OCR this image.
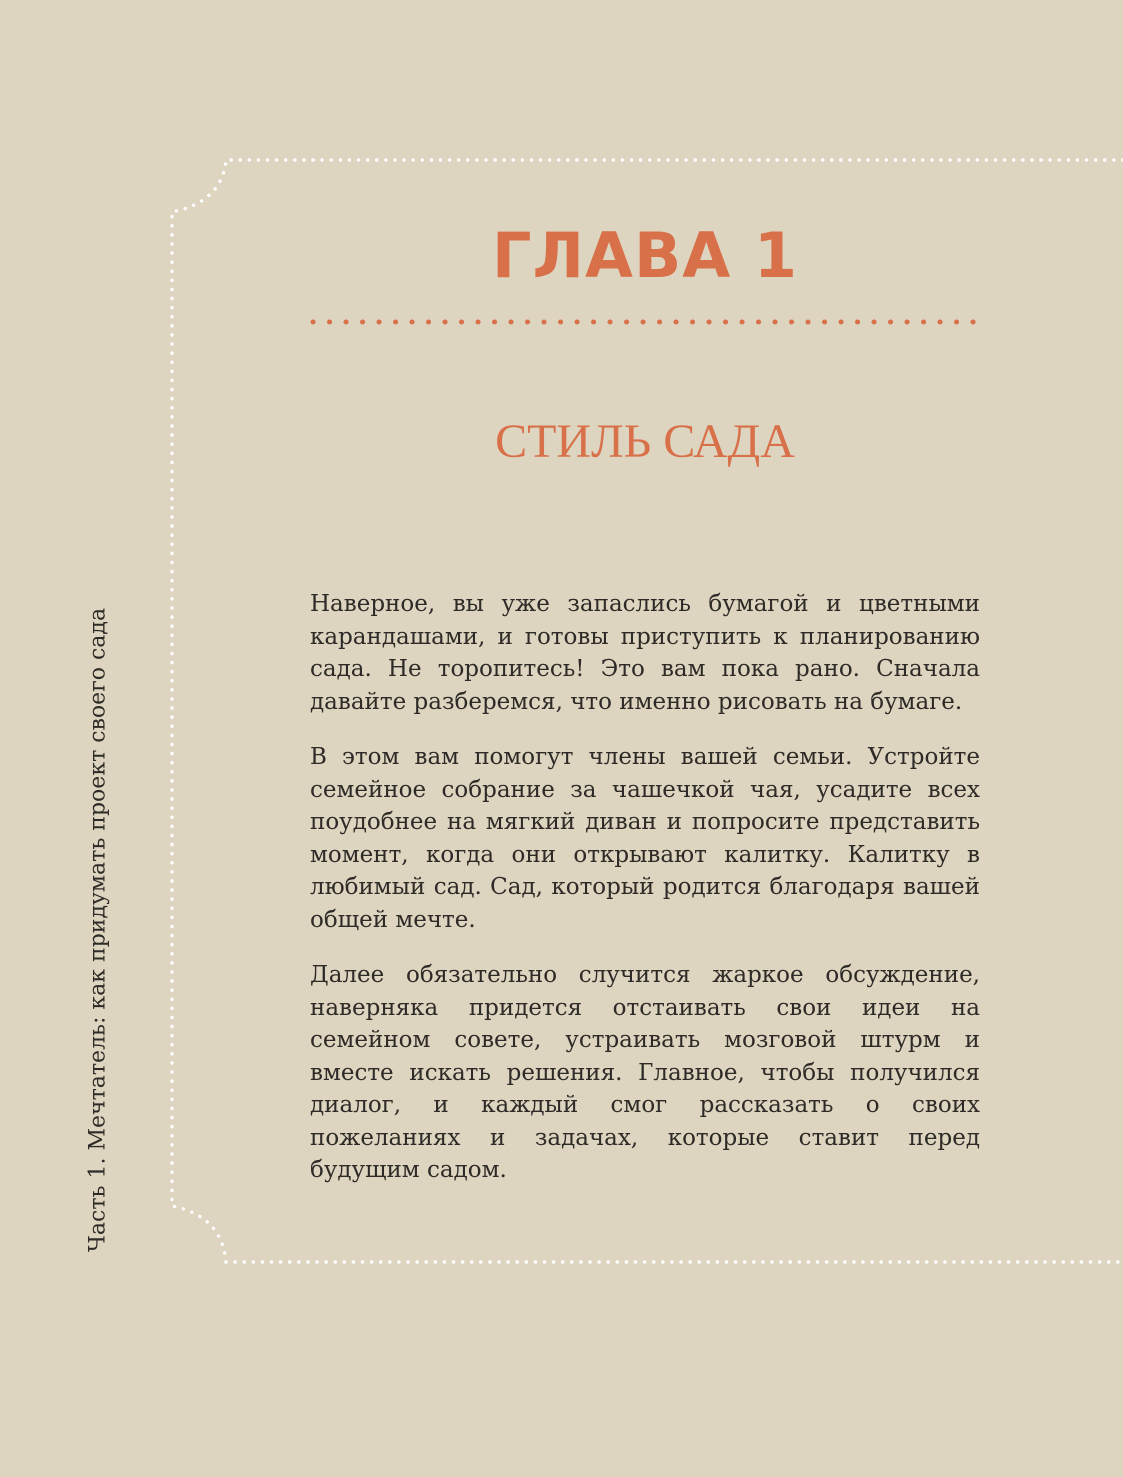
ГЛАВА 1
СТИЛЬ САДА

Наверное, вы уже запаслись бумагой и цветными карандашами, и готовы приступить к планированию сада. Не торопитесь! Это вам пока рано. Сначала давайте разберемся, что именно рисовать на бумаге.

В этом вам помогут члены вашей семьи. Устройте семейное собрание за чашечкой чая, усадите всех поудобнее на мягкий диван и попросите представить момент, когда они открывают калитку. Калитку в любимый сад. Сад, который родится благодаря вашей общей мечте.

Далее обязательно случится жаркое обсуждение, наверняка придется отстаивать свои идеи на семейном совете, устраивать мозговой штурм и вместе искать решения. Главное, чтобы получился диалог, и каждый смог рассказать о своих пожеланиях и задачах, которые ставит перед будущим садом.

Часть 1. Мечтатель: как придумать проект своего сада
